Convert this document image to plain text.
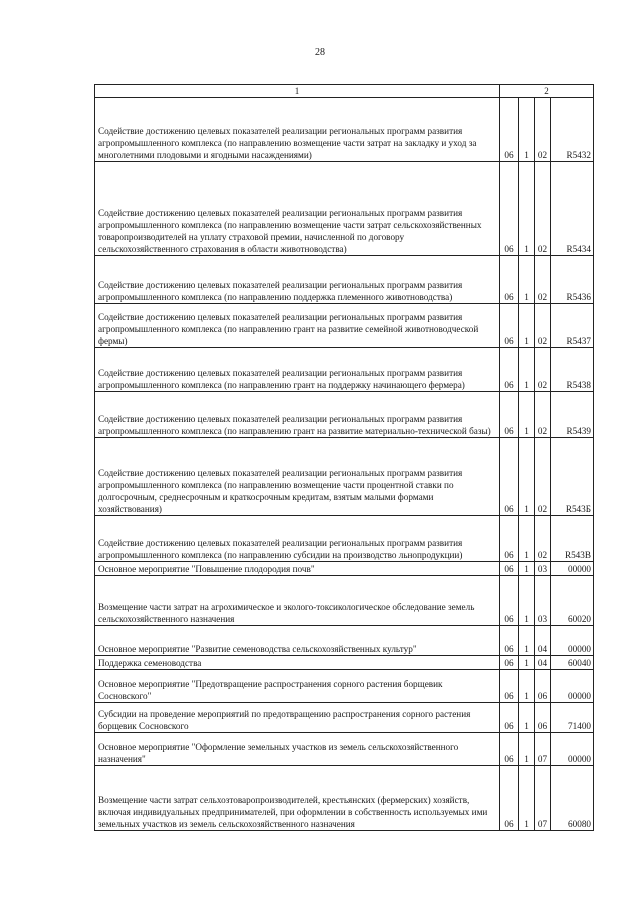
28
1	2			
Содействие достижению целевых показателей реализации региональных программ развития агропромышленного комплекса (по направлению возмещение части затрат на закладку и уход за многолетними плодовыми и ягодными насаждениями)	06	1	02	R5432
Содействие достижению целевых показателей реализации региональных программ развития агропромышленного комплекса (по направлению возмещение части затрат сельскохозяйственных товаропроизводителей на уплату страховой премии, начисленной по договору сельскохозяйственного страхования в области животноводства)	06	1	02	R5434
Содействие достижению целевых показателей реализации региональных программ развития агропромышленного комплекса (по направлению поддержка племенного животноводства)	06	1	02	R5436
Содействие достижению целевых показателей реализации региональных программ развития агропромышленного комплекса (по направлению грант на развитие семейной животноводческой фермы)	06	1	02	R5437
Содействие достижению целевых показателей реализации региональных программ развития агропромышленного комплекса (по направлению грант на поддержку начинающего фермера)	06	1	02	R5438
Содействие достижению целевых показателей реализации региональных программ развития агропромышленного комплекса (по направлению грант на развитие материально-технической базы)	06	1	02	R5439
Содействие достижению целевых показателей реализации региональных программ развития агропромышленного комплекса (по направлению возмещение части процентной ставки по долгосрочным, среднесрочным и краткосрочным кредитам, взятым малыми формами хозяйствования)	06	1	02	R543Б
Содействие достижению целевых показателей реализации региональных программ развития агропромышленного комплекса (по направлению субсидии на производство льнопродукции)	06	1	02	R543В
Основное мероприятие "Повышение плодородия почв"	06	1	03	00000
Возмещение части затрат на агрохимическое и эколого-токсикологическое обследование земель сельскохозяйственного назначения	06	1	03	60020
Основное мероприятие "Развитие семеноводства сельскохозяйственных культур"	06	1	04	00000
Поддержка семеноводства	06	1	04	60040
Основное мероприятие "Предотвращение распространения сорного растения борщевик Сосновского"	06	1	06	00000
Субсидии на проведение мероприятий по предотвращению распространения сорного растения борщевик Сосновского	06	1	06	71400
Основное мероприятие "Оформление земельных участков из земель сельскохозяйственного назначения"	06	1	07	00000
Возмещение части затрат сельхозтоваропроизводителей, крестьянских (фермерских) хозяйств, включая индивидуальных предпринимателей, при оформлении в собственность используемых ими земельных участков из земель сельскохозяйственного назначения	06	1	07	60080
